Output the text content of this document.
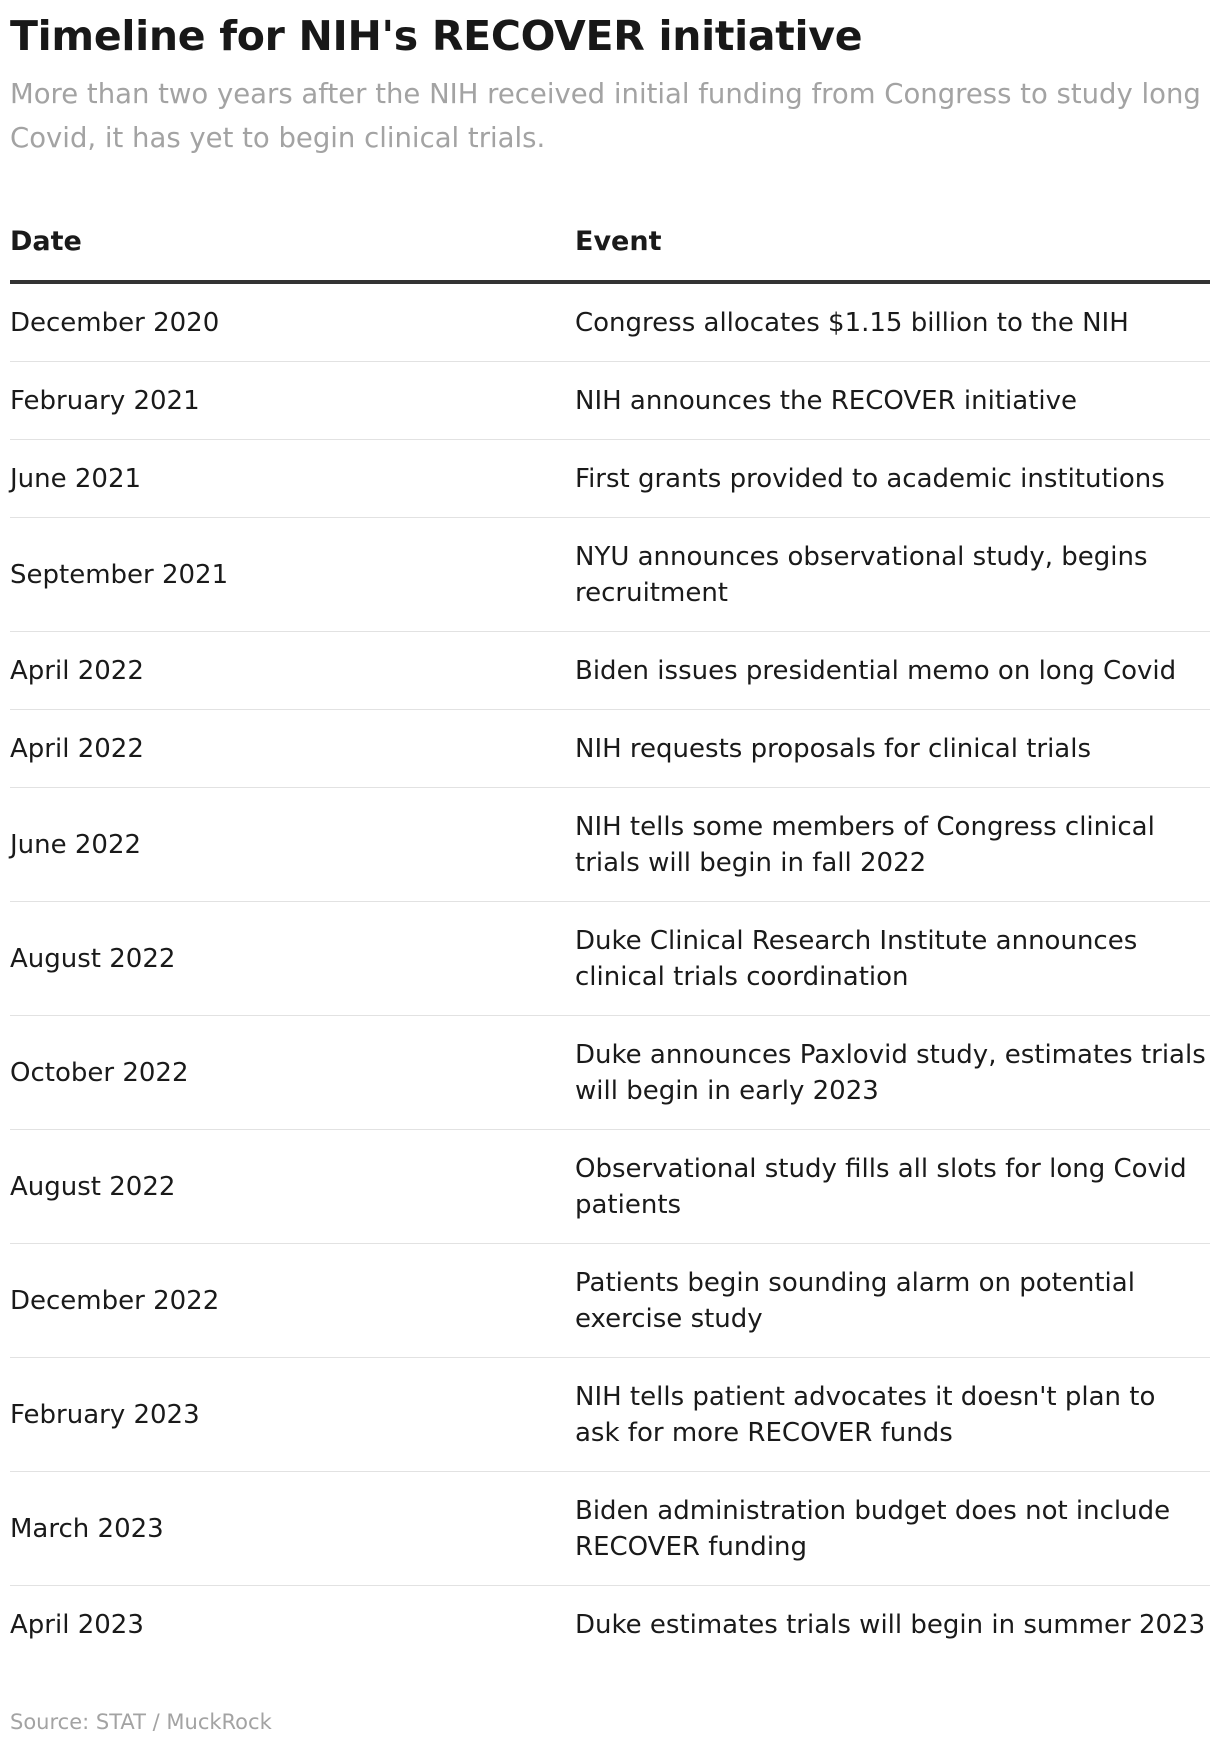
Timeline for NIH's RECOVER initiative

More than two years after the NIH received initial funding from Congress to study long Covid, it has yet to begin clinical trials.

Date	Event
December 2020	Congress allocates $1.15 billion to the NIH
February 2021	NIH announces the RECOVER initiative
June 2021	First grants provided to academic institutions
September 2021	NYU announces observational study, begins recruitment
April 2022	Biden issues presidential memo on long Covid
April 2022	NIH requests proposals for clinical trials
June 2022	NIH tells some members of Congress clinical trials will begin in fall 2022
August 2022	Duke Clinical Research Institute announces clinical trials coordination
October 2022	Duke announces Paxlovid study, estimates trials will begin in early 2023
August 2022	Observational study fills all slots for long Covid patients
December 2022	Patients begin sounding alarm on potential exercise study
February 2023	NIH tells patient advocates it doesn't plan to ask for more RECOVER funds
March 2023	Biden administration budget does not include RECOVER funding
April 2023	Duke estimates trials will begin in summer 2023

Source: STAT / MuckRock
